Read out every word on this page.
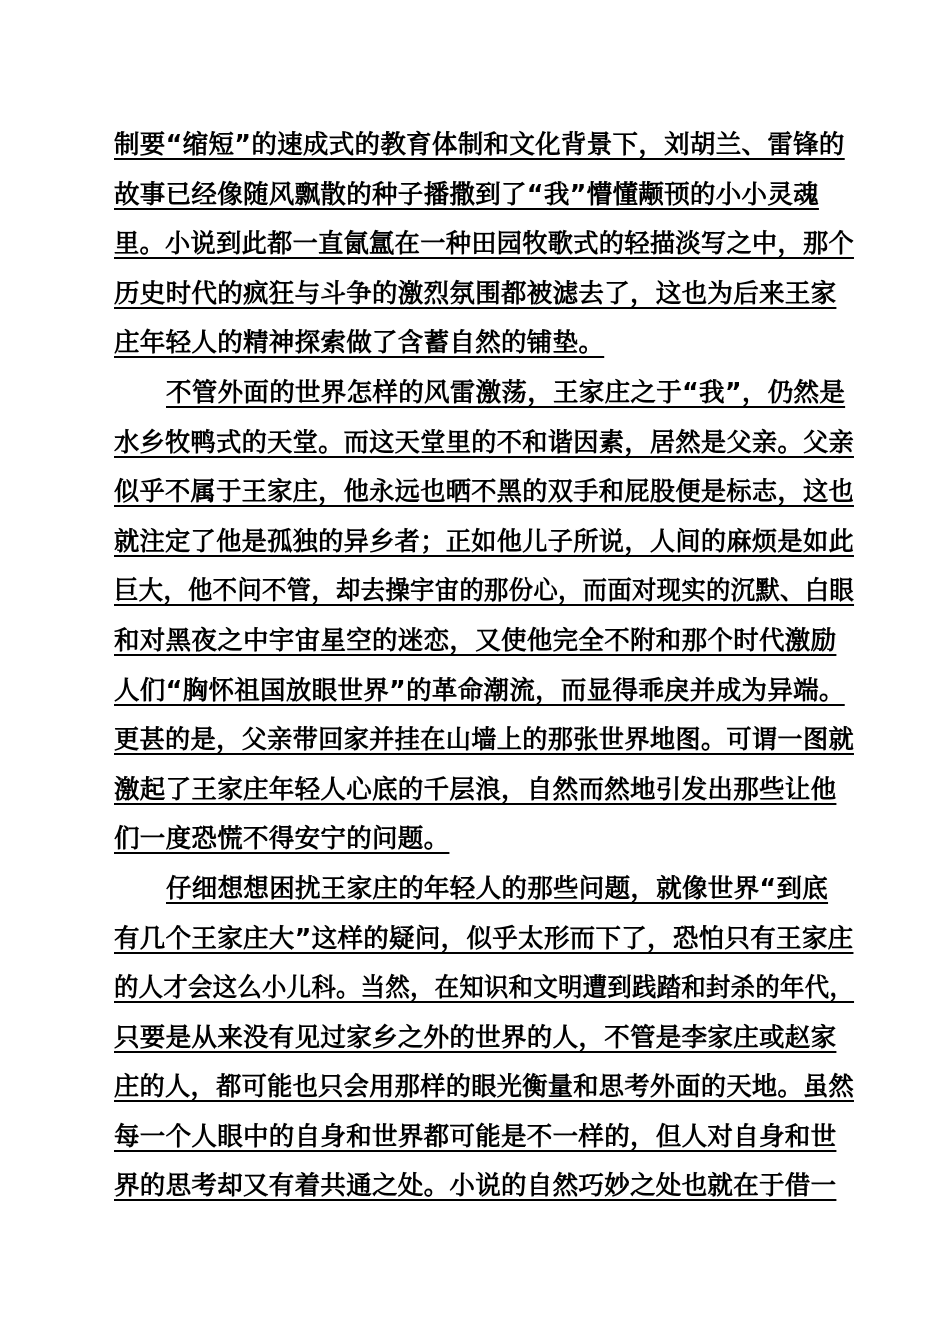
制要“缩短”的速成式的教育体制和文化背景下，刘胡兰、雷锋的
故事已经像随风飘散的种子播撒到了“我”懵懂颟顸的小小灵魂
里。小说到此都一直氤氲在一种田园牧歌式的轻描淡写之中，那个
历史时代的疯狂与斗争的激烈氛围都被滤去了，这也为后来王家
庄年轻人的精神探索做了含蓄自然的铺垫。
不管外面的世界怎样的风雷激荡，王家庄之于“我”，仍然是
水乡牧鸭式的天堂。而这天堂里的不和谐因素，居然是父亲。父亲
似乎不属于王家庄，他永远也晒不黑的双手和屁股便是标志，这也
就注定了他是孤独的异乡者；正如他儿子所说，人间的麻烦是如此
巨大，他不问不管，却去操宇宙的那份心，而面对现实的沉默、白眼
和对黑夜之中宇宙星空的迷恋，又使他完全不附和那个时代激励
人们“胸怀祖国放眼世界”的革命潮流，而显得乖戾并成为异端。
更甚的是，父亲带回家并挂在山墙上的那张世界地图。可谓一图就
激起了王家庄年轻人心底的千层浪，自然而然地引发出那些让他
们一度恐慌不得安宁的问题。
仔细想想困扰王家庄的年轻人的那些问题，就像世界“到底
有几个王家庄大”这样的疑问，似乎太形而下了，恐怕只有王家庄
的人才会这么小儿科。当然，在知识和文明遭到践踏和封杀的年代，
只要是从来没有见过家乡之外的世界的人，不管是李家庄或赵家
庄的人，都可能也只会用那样的眼光衡量和思考外面的天地。虽然
每一个人眼中的自身和世界都可能是不一样的，但人对自身和世
界的思考却又有着共通之处。小说的自然巧妙之处也就在于借一
